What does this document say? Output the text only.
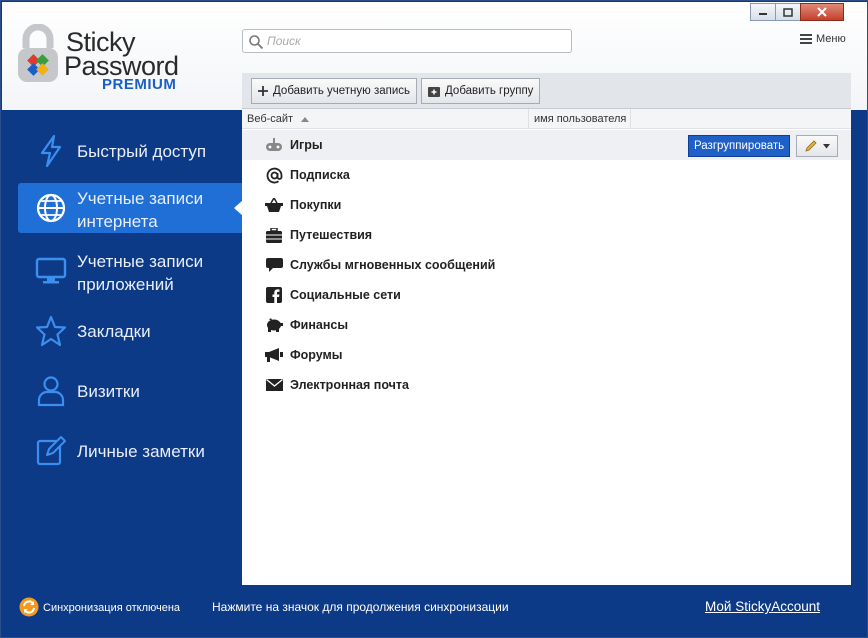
Sticky
Password
PREMIUM
Поиск
Меню
Быстрый доступ
Учетные записи интернета
Учетные записи приложений
Закладки
Визитки
Личные заметки
Добавить учетную запись	Добавить группу
Веб-сайт	имя пользователя
Игры	Разгруппировать
Подписка
Покупки
Путешествия
Службы мгновенных сообщений
Социальные сети
Финансы
Форумы
Электронная почта
Синхронизация отключена	Нажмите на значок для продолжения синхронизации	Мой StickyAccount
